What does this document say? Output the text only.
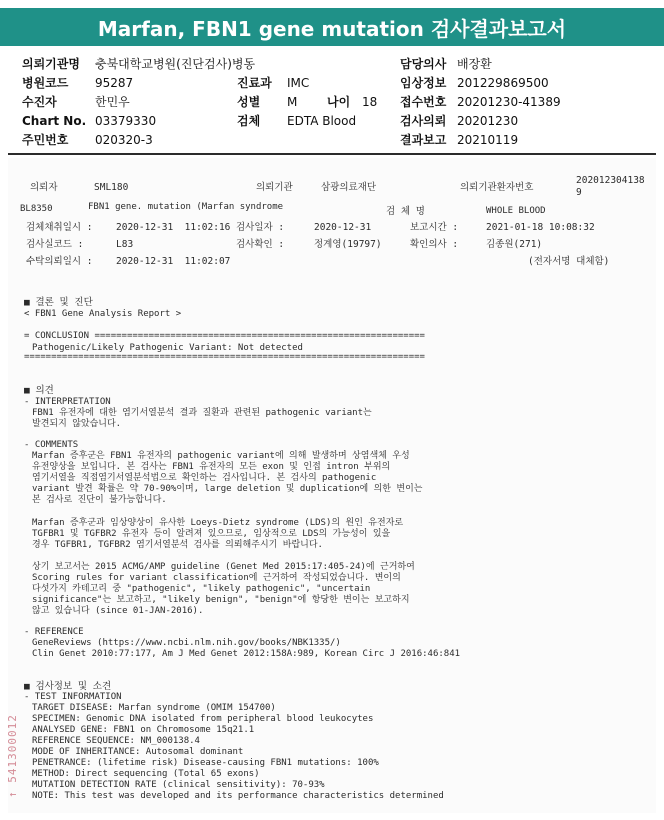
Marfan, FBN1 gene mutation 검사결과보고서
의뢰기관명 충북대학교병원(진단검사)병동	담당의사 배장환
병원코드 95287	진료과 IMC	임상정보 201229869500
수진자	한민우	성별 M 나이 18 접수번호 20201230-41389
Chart No. 03379330	검체 EDTA Blood	검사의뢰 20201230
주민번호 020320-3	결과보고 20210119
의뢰자	SML180	의뢰기관	삼광의료재단	의뢰기관환자번호
202012304138
9
BL8350	FBN1 gene. mutation (Marfan syndrome	검 체 명	WHOLE BLOOD
검체채취일시 : 2020-12-31  11:02:16 검사일자 :	2020-12-31	보고시간 :	2021-01-18 10:08:32
검사실코드 :	L83	검사확인 :	정계영(19797)	확인의사 :	김종원(271)
수탁의뢰일시 : 2020-12-31  11:02:07	(전자서명 대체함)
■ 결론 및 진단
< FBN1 Gene Analysis Report >
= CONCLUSION =============================================================
Pathogenic/Likely Pathogenic Variant: Not detected
==========================================================================
■ 의견
- INTERPRETATION
FBN1 유전자에 대한 염기서열분석 결과 질환과 관련된 pathogenic variant는
발견되지 않았습니다.
- COMMENTS
Marfan 증후군은 FBN1 유전자의 pathogenic variant에 의해 발생하며 상염색체 우성
유전양상을 보입니다. 본 검사는 FBN1 유전자의 모든 exon 및 인접 intron 부위의
염기서열을 직접염기서열분석법으로 확인하는 검사입니다. 본 검사의 pathogenic
variant 발견 확률은 약 70-90%이며, large deletion 및 duplication에 의한 변이는
본 검사로 진단이 불가능합니다.
Marfan 증후군과 임상양상이 유사한 Loeys-Dietz syndrome (LDS)의 원인 유전자로
TGFBR1 및 TGFBR2 유전자 등이 알려져 있으므로, 임상적으로 LDS의 가능성이 있을
경우 TGFBR1, TGFBR2 염기서열분석 검사를 의뢰해주시기 바랍니다.
상기 보고서는 2015 ACMG/AMP guideline (Genet Med 2015:17:405-24)에 근거하여
Scoring rules for variant classification에 근거하여 작성되었습니다. 변이의
다섯가지 카테고리 중 "pathogenic", "likely pathogenic", "uncertain
significance"는 보고하고, "likely benign", "benign"에 항당한 변이는 보고하지
않고 있습니다 (since 01-JAN-2016).
- REFERENCE
GeneReviews (https://www.ncbi.nlm.nih.gov/books/NBK1335/)
Clin Genet 2010:77:177, Am J Med Genet 2012:158A:989, Korean Circ J 2016:46:841
■ 검사정보 및 소견
- TEST INFORMATION
TARGET DISEASE: Marfan syndrome (OMIM 154700)
SPECIMEN: Genomic DNA isolated from peripheral blood leukocytes
ANALYSED GENE: FBN1 on Chromosome 15q21.1
REFERENCE SEQUENCE: NM_000138.4
MODE OF INHERITANCE: Autosomal dominant
PENETRANCE: (lifetime risk) Disease-causing FBN1 mutations: 100%
METHOD: Direct sequencing (Total 65 exons)
MUTATION DETECTION RATE (clinical sensitivity): 70-93%
NOTE: This test was developed and its performance characteristics determined
↑ 541300012
